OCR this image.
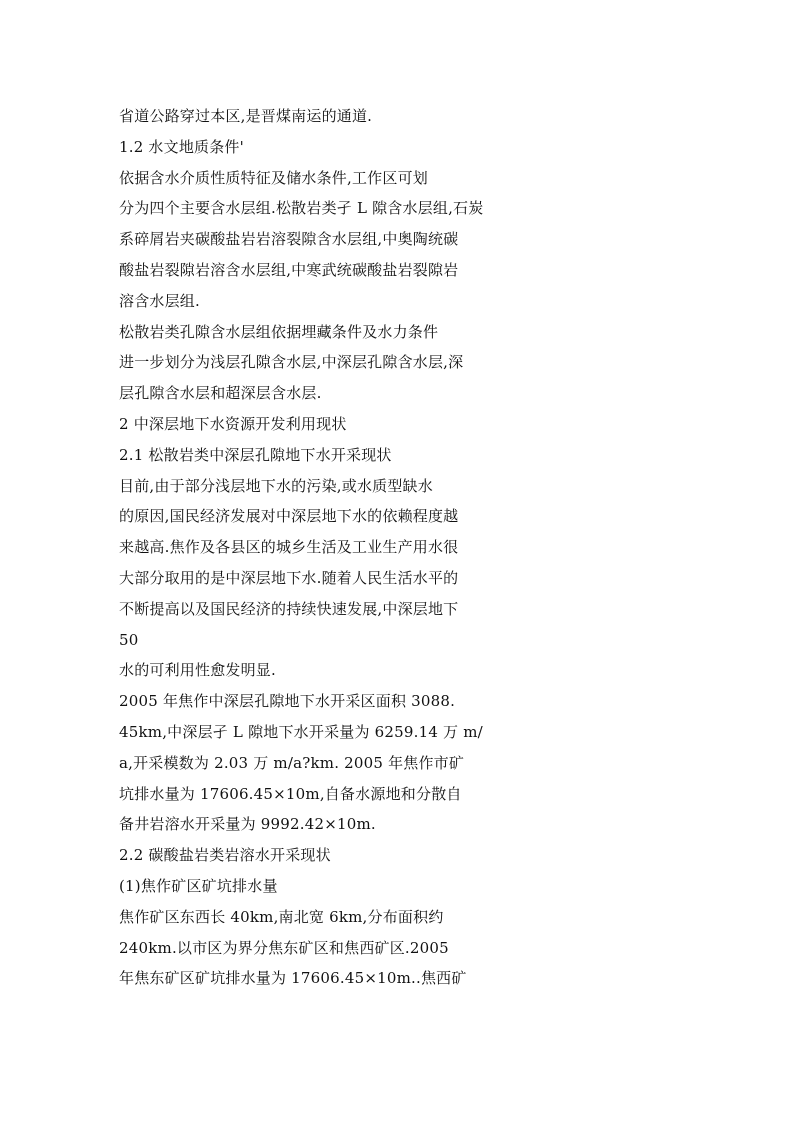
省道公路穿过本区,是晋煤南运的通道.
1.2 水文地质条件'
依据含水介质性质特征及储水条件,工作区可划
分为四个主要含水层组.松散岩类孑 L 隙含水层组,石炭
系碎屑岩夹碳酸盐岩岩溶裂隙含水层组,中奥陶统碳
酸盐岩裂隙岩溶含水层组,中寒武统碳酸盐岩裂隙岩
溶含水层组.
松散岩类孔隙含水层组依据埋藏条件及水力条件
进一步划分为浅层孔隙含水层,中深层孔隙含水层,深
层孔隙含水层和超深层含水层.
2 中深层地下水资源开发利用现状
2.1 松散岩类中深层孔隙地下水开采现状
目前,由于部分浅层地下水的污染,或水质型缺水
的原因,国民经济发展对中深层地下水的依赖程度越
来越高.焦作及各县区的城乡生活及工业生产用水很
大部分取用的是中深层地下水.随着人民生活水平的
不断提高以及国民经济的持续快速发展,中深层地下
50
水的可利用性愈发明显.
2005 年焦作中深层孔隙地下水开采区面积 3088.
45km,中深层孑 L 隙地下水开采量为 6259.14 万 m/
a,开采模数为 2.03 万 m/a?km. 2005 年焦作市矿
坑排水量为 17606.45×10m,自备水源地和分散自
备井岩溶水开采量为 9992.42×10m.
2.2 碳酸盐岩类岩溶水开采现状
(1)焦作矿区矿坑排水量
焦作矿区东西长 40km,南北宽 6km,分布面积约
240km.以市区为界分焦东矿区和焦西矿区.2005
年焦东矿区矿坑排水量为 17606.45×10m..焦西矿
